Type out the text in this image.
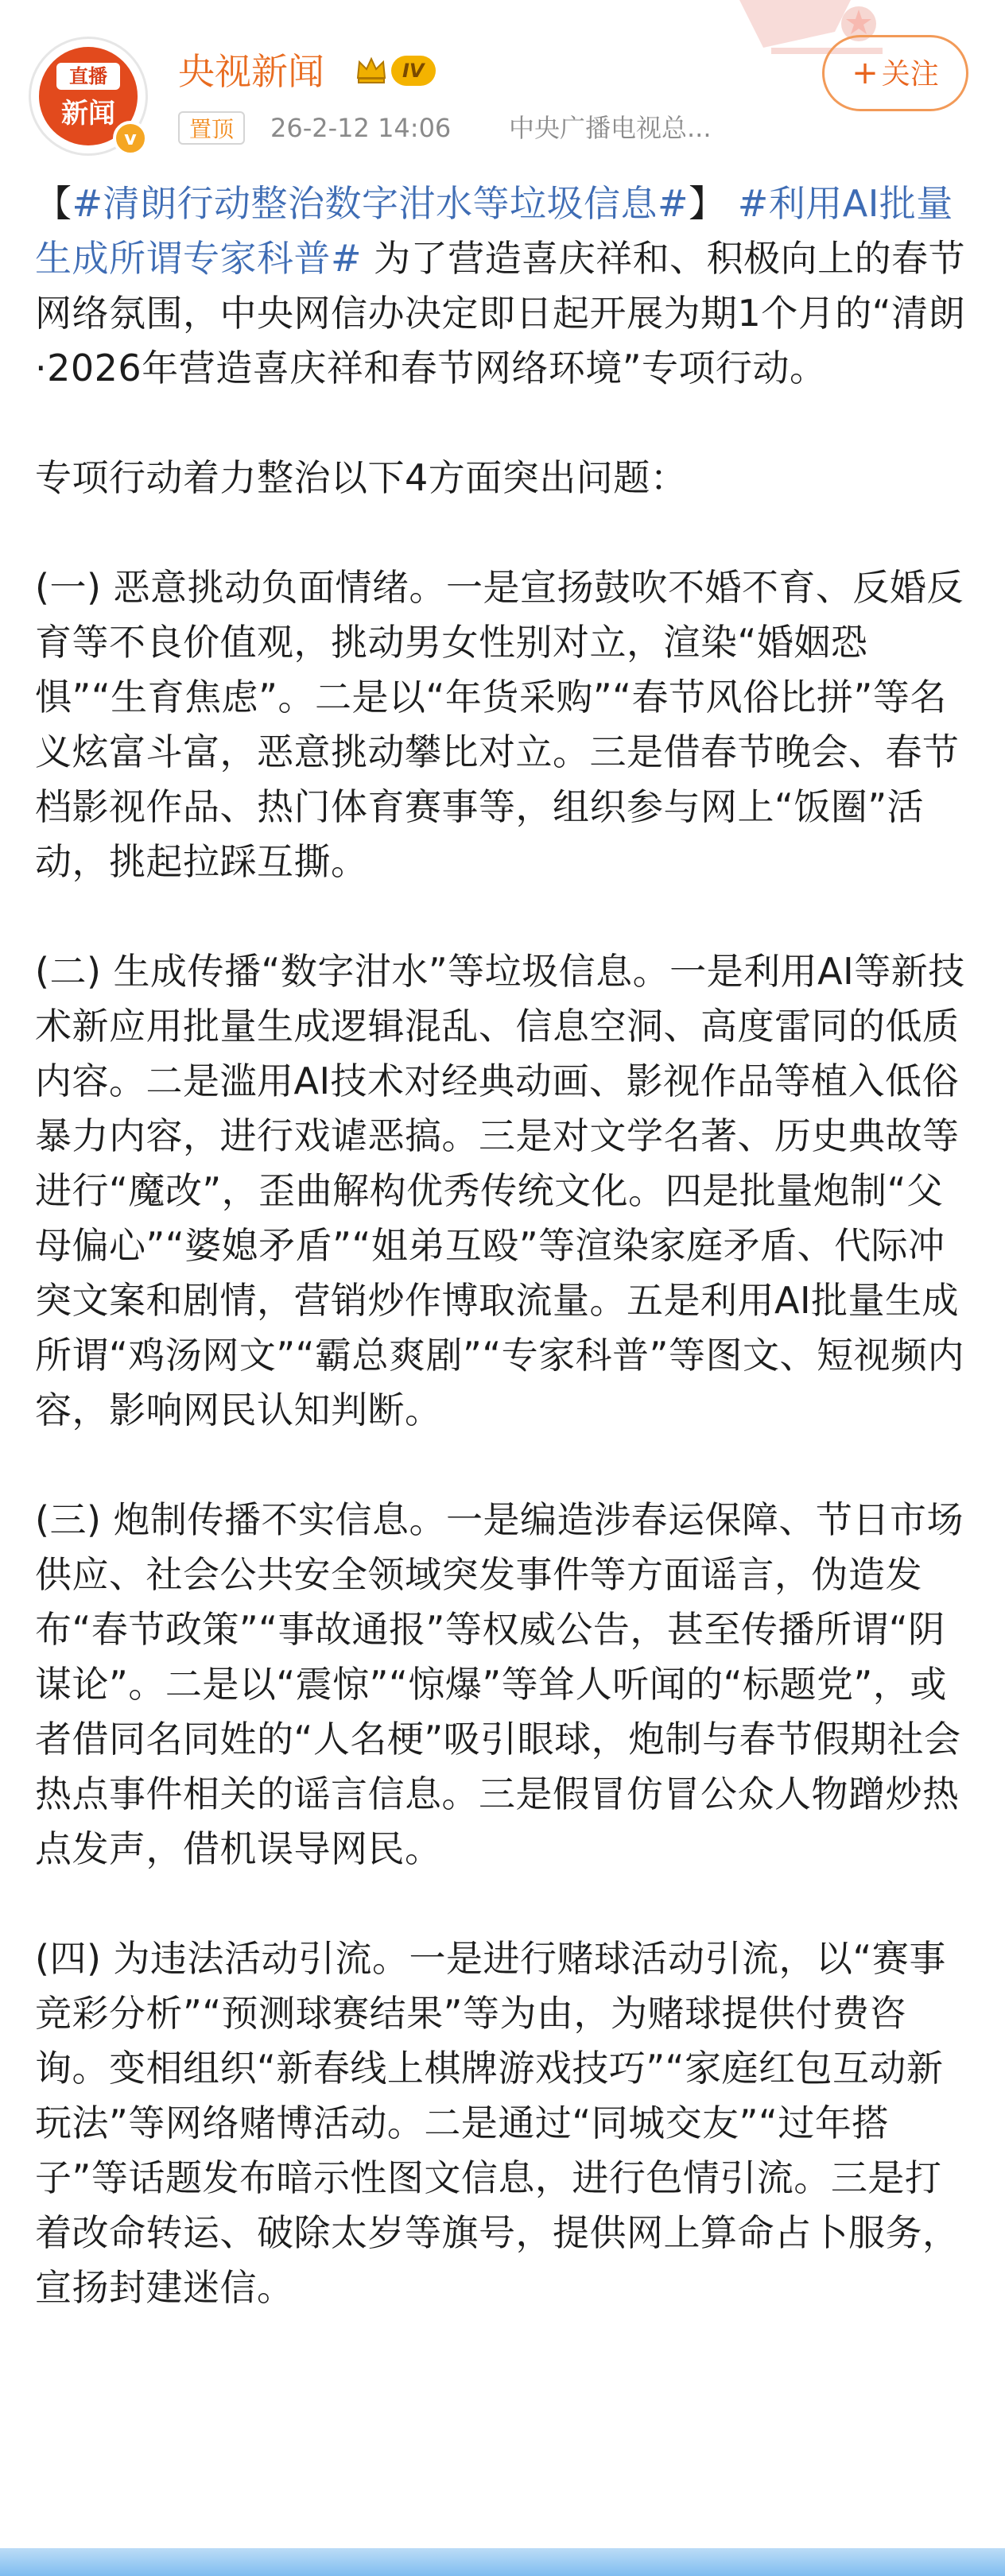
直播
新闻
v
央视新闻	IV
置顶	26-2-12 14:06 中央广播电视总...
+ 关注

【#清朗行动整治数字泔水等垃圾信息#】 #利用AI批量生成所谓专家科普# 为了营造喜庆祥和、积极向上的春节网络氛围，中央网信办决定即日起开展为期1个月的“清朗·2026年营造喜庆祥和春节网络环境”专项行动。

专项行动着力整治以下4方面突出问题：

(一) 恶意挑动负面情绪。一是宣扬鼓吹不婚不育、反婚反育等不良价值观，挑动男女性别对立，渲染“婚姻恐惧”“生育焦虑”。二是以“年货采购”“春节风俗比拼”等名义炫富斗富，恶意挑动攀比对立。三是借春节晚会、春节档影视作品、热门体育赛事等，组织参与网上“饭圈”活动，挑起拉踩互撕。

(二) 生成传播“数字泔水”等垃圾信息。一是利用AI等新技术新应用批量生成逻辑混乱、信息空洞、高度雷同的低质内容。二是滥用AI技术对经典动画、影视作品等植入低俗暴力内容，进行戏谑恶搞。三是对文学名著、历史典故等进行“魔改”，歪曲解构优秀传统文化。四是批量炮制“父母偏心”“婆媳矛盾”“姐弟互殴”等渲染家庭矛盾、代际冲突文案和剧情，营销炒作博取流量。五是利用AI批量生成所谓“鸡汤网文”“霸总爽剧”“专家科普”等图文、短视频内容，影响网民认知判断。

(三) 炮制传播不实信息。一是编造涉春运保障、节日市场供应、社会公共安全领域突发事件等方面谣言，伪造发布“春节政策”“事故通报”等权威公告，甚至传播所谓“阴谋论”。二是以“震惊”“惊爆”等耸人听闻的“标题党”，或者借同名同姓的“人名梗”吸引眼球，炮制与春节假期社会热点事件相关的谣言信息。三是假冒仿冒公众人物蹭炒热点发声，借机误导网民。

(四) 为违法活动引流。一是进行赌球活动引流，以“赛事竞彩分析”“预测球赛结果”等为由，为赌球提供付费咨询。变相组织“新春线上棋牌游戏技巧”“家庭红包互动新玩法”等网络赌博活动。二是通过“同城交友”“过年搭子”等话题发布暗示性图文信息，进行色情引流。三是打着改命转运、破除太岁等旗号，提供网上算命占卜服务，宣扬封建迷信。
